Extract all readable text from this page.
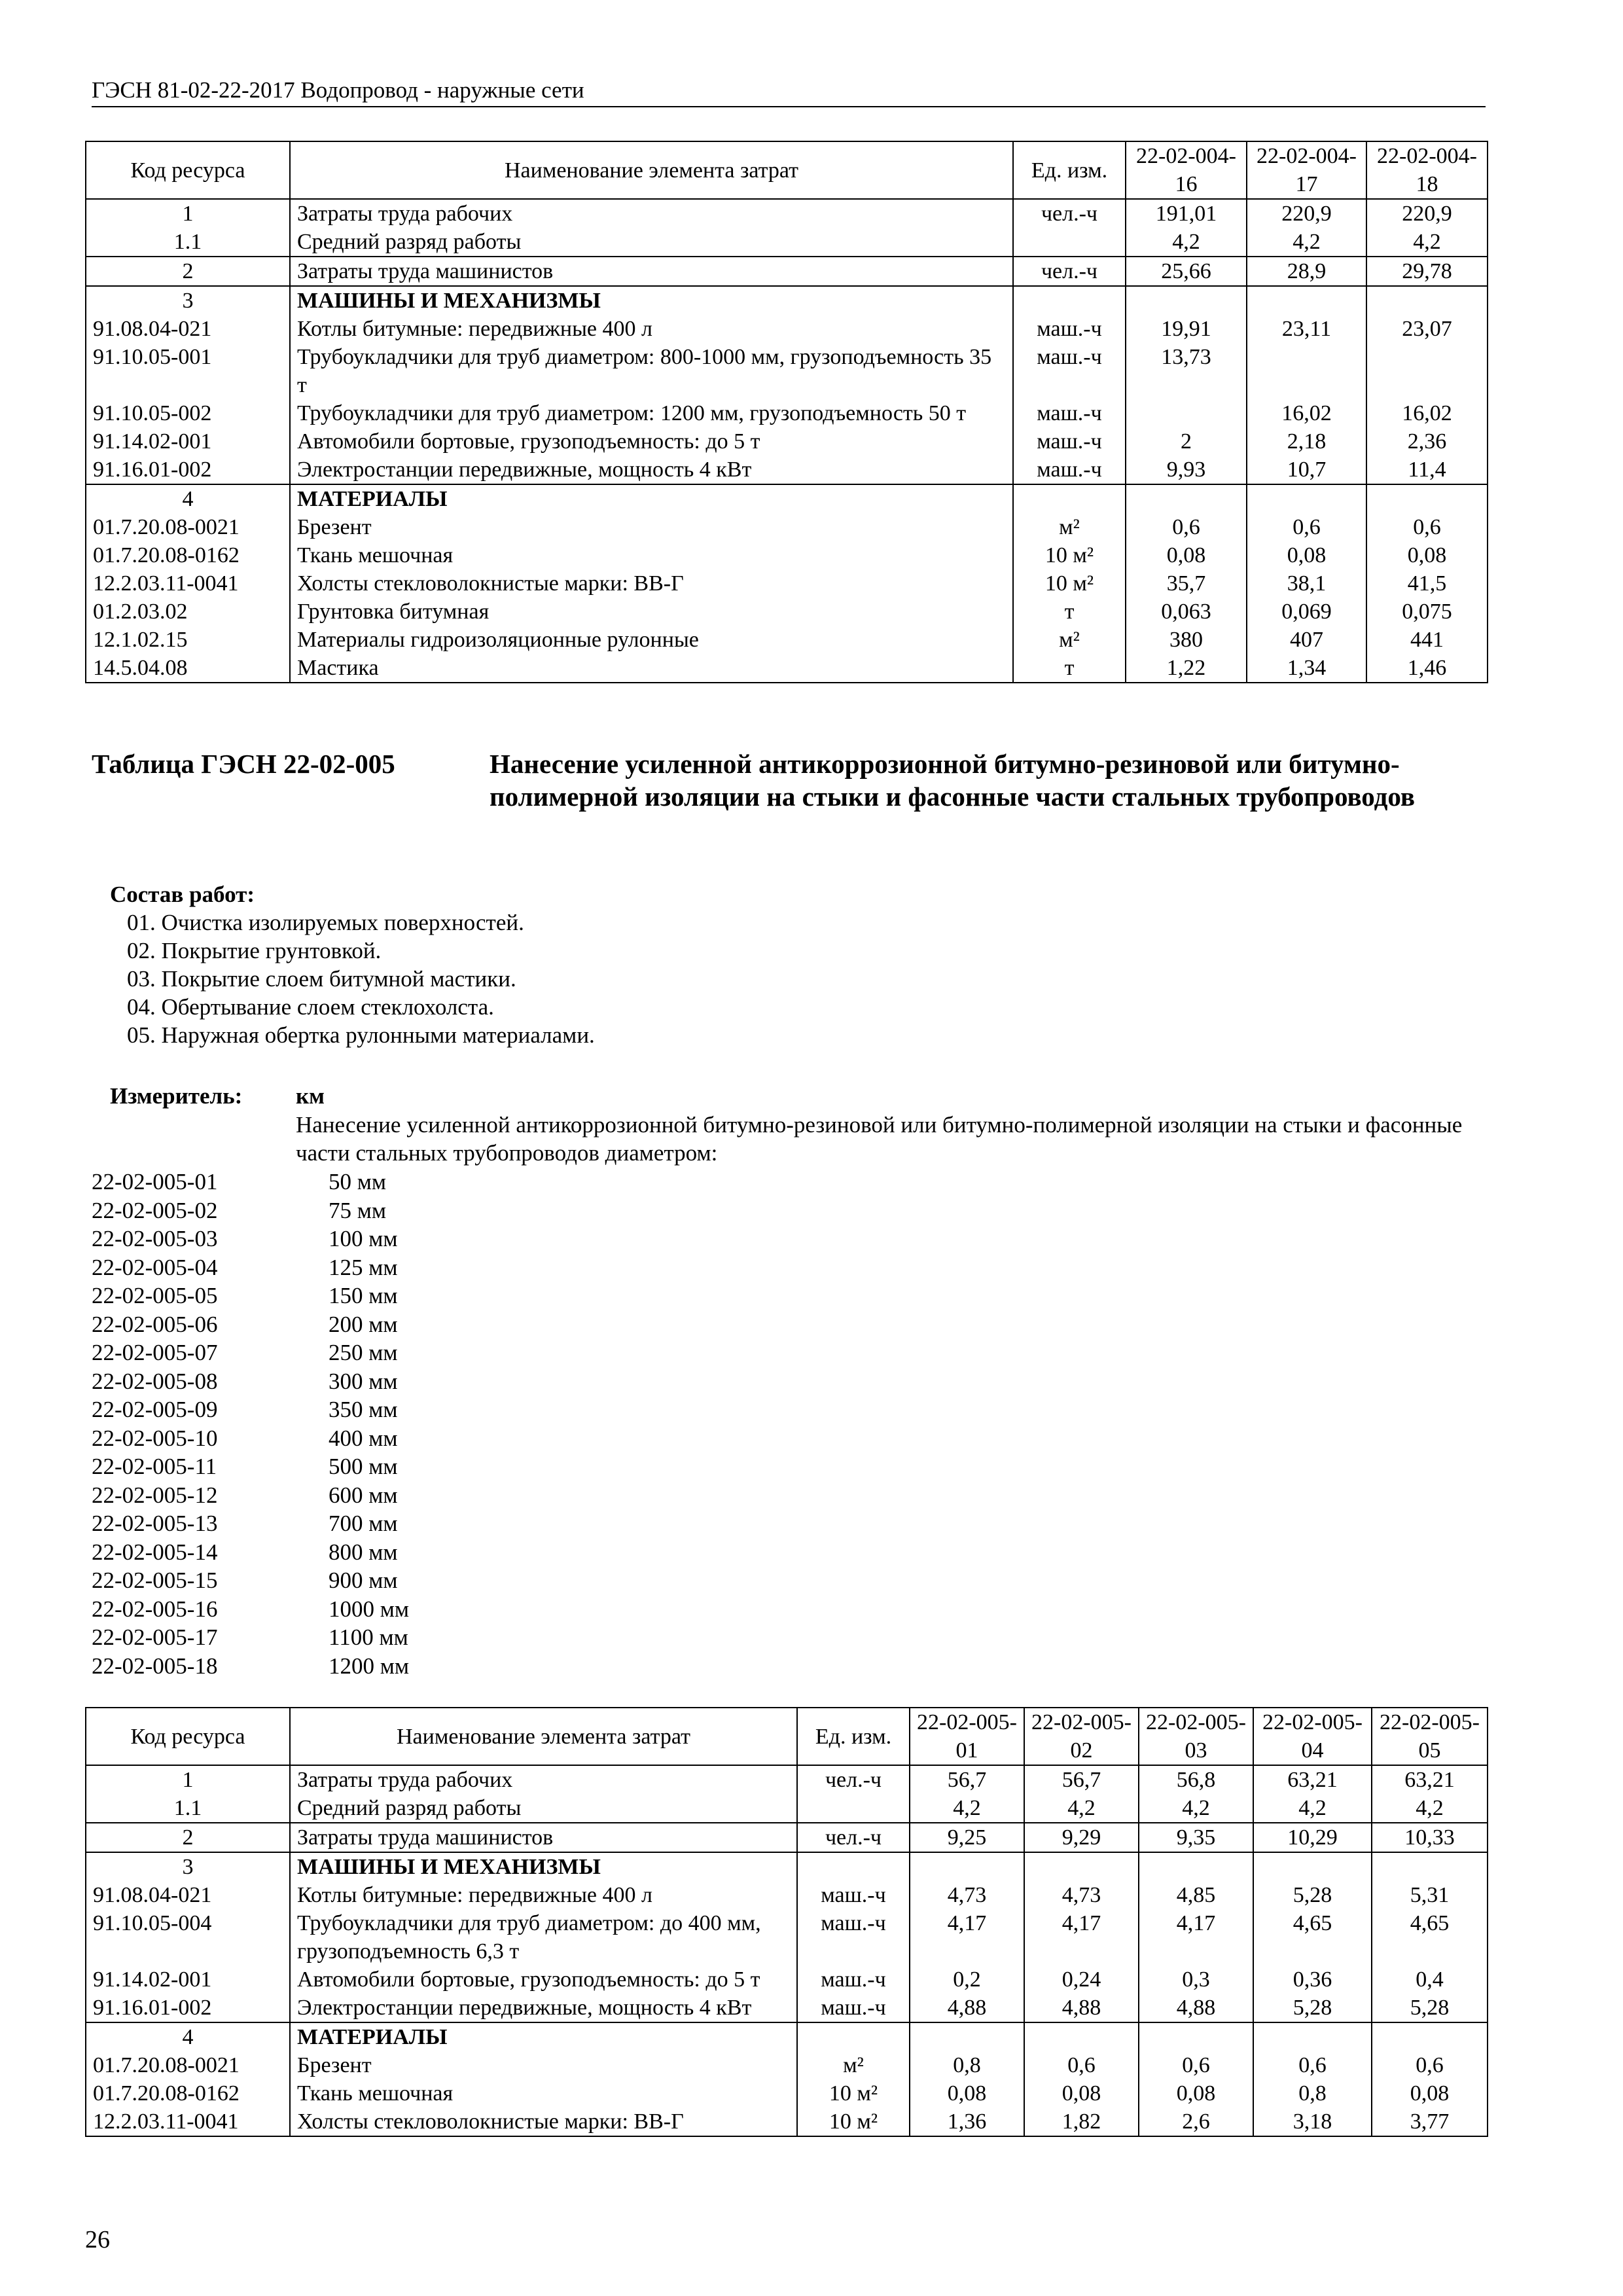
ГЭСН 81-02-22-2017 Водопровод - наружные сети
Код ресурса	Наименование элемента затрат	Ед. изм.	22-02-004-16	22-02-004-17	22-02-004-18
1	Затраты труда рабочих	чел.-ч	191,01	220,9	220,9
1.1	Средний разряд работы		4,2	4,2	4,2
2	Затраты труда машинистов	чел.-ч	25,66	28,9	29,78
3	МАШИНЫ И МЕХАНИЗМЫ				
91.08.04-021	Котлы битумные: передвижные 400 л	маш.-ч	19,91	23,11	23,07
91.10.05-001	Трубоукладчики для труб диаметром: 800-1000 мм, грузоподъемность 35 т	маш.-ч	13,73		
91.10.05-002	Трубоукладчики для труб диаметром: 1200 мм, грузоподъемность 50 т	маш.-ч		16,02	16,02
91.14.02-001	Автомобили бортовые, грузоподъемность: до 5 т	маш.-ч	2	2,18	2,36
91.16.01-002	Электростанции передвижные, мощность 4 кВт	маш.-ч	9,93	10,7	11,4
4	МАТЕРИАЛЫ				
01.7.20.08-0021	Брезент	м²	0,6	0,6	0,6
01.7.20.08-0162	Ткань мешочная	10 м²	0,08	0,08	0,08
12.2.03.11-0041	Холсты стекловолокнистые марки: ВВ-Г	10 м²	35,7	38,1	41,5
01.2.03.02	Грунтовка битумная	т	0,063	0,069	0,075
12.1.02.15	Материалы гидроизоляционные рулонные	м²	380	407	441
14.5.04.08	Мастика	т	1,22	1,34	1,46
Таблица ГЭСН 22-02-005	Нанесение усиленной антикоррозионной битумно-резиновой или битумно-полимерной изоляции на стыки и фасонные части стальных трубопроводов
Состав работ:
01. Очистка изолируемых поверхностей.
02. Покрытие грунтовкой.
03. Покрытие слоем битумной мастики.
04. Обертывание слоем стеклохолста.
05. Наружная обертка рулонными материалами.
Измеритель: км
Нанесение усиленной антикоррозионной битумно-резиновой или битумно-полимерной изоляции на стыки и фасонные части стальных трубопроводов диаметром:
22-02-005-01	50 мм
22-02-005-02	75 мм
22-02-005-03	100 мм
22-02-005-04	125 мм
22-02-005-05	150 мм
22-02-005-06	200 мм
22-02-005-07	250 мм
22-02-005-08	300 мм
22-02-005-09	350 мм
22-02-005-10	400 мм
22-02-005-11	500 мм
22-02-005-12	600 мм
22-02-005-13	700 мм
22-02-005-14	800 мм
22-02-005-15	900 мм
22-02-005-16	1000 мм
22-02-005-17	1100 мм
22-02-005-18	1200 мм
Код ресурса	Наименование элемента затрат	Ед. изм.	22-02-005-01	22-02-005-02	22-02-005-03	22-02-005-04	22-02-005-05
1	Затраты труда рабочих	чел.-ч	56,7	56,7	56,8	63,21	63,21
1.1	Средний разряд работы		4,2	4,2	4,2	4,2	4,2
2	Затраты труда машинистов	чел.-ч	9,25	9,29	9,35	10,29	10,33
3	МАШИНЫ И МЕХАНИЗМЫ						
91.08.04-021	Котлы битумные: передвижные 400 л	маш.-ч	4,73	4,73	4,85	5,28	5,31
91.10.05-004	Трубоукладчики для труб диаметром: до 400 мм, грузоподъемность 6,3 т	маш.-ч	4,17	4,17	4,17	4,65	4,65
91.14.02-001	Автомобили бортовые, грузоподъемность: до 5 т	маш.-ч	0,2	0,24	0,3	0,36	0,4
91.16.01-002	Электростанции передвижные, мощность 4 кВт	маш.-ч	4,88	4,88	4,88	5,28	5,28
4	МАТЕРИАЛЫ						
01.7.20.08-0021	Брезент	м²	0,8	0,6	0,6	0,6	0,6
01.7.20.08-0162	Ткань мешочная	10 м²	0,08	0,08	0,08	0,8	0,08
12.2.03.11-0041	Холсты стекловолокнистые марки: ВВ-Г	10 м²	1,36	1,82	2,6	3,18	3,77
26
